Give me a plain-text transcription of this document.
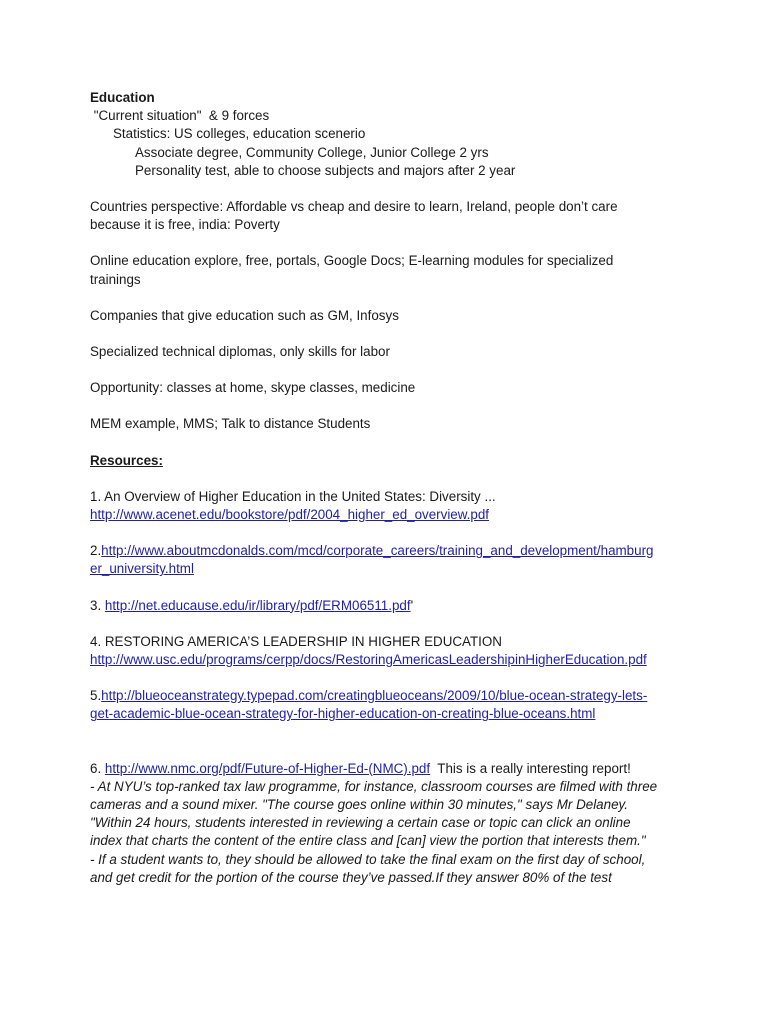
Education
"Current situation"  & 9 forces
Statistics: US colleges, education scenerio
Associate degree, Community College, Junior College 2 yrs
Personality test, able to choose subjects and majors after 2 year
Countries perspective: Affordable vs cheap and desire to learn, Ireland, people don’t care
because it is free, india: Poverty
Online education explore, free, portals, Google Docs; E-learning modules for specialized
trainings
Companies that give education such as GM, Infosys
Specialized technical diplomas, only skills for labor
Opportunity: classes at home, skype classes, medicine
MEM example, MMS; Talk to distance Students
Resources:
1. An Overview of Higher Education in the United States: Diversity ...
http://www.acenet.edu/bookstore/pdf/2004_higher_ed_overview.pdf
2.http://www.aboutmcdonalds.com/mcd/corporate_careers/training_and_development/hamburg
er_university.html
3. http://net.educause.edu/ir/library/pdf/ERM06511.pdf'
4. RESTORING AMERICA’S LEADERSHIP IN HIGHER EDUCATION
http://www.usc.edu/programs/cerpp/docs/RestoringAmericasLeadershipinHigherEducation.pdf
5.http://blueoceanstrategy.typepad.com/creatingblueoceans/2009/10/blue-ocean-strategy-lets-
get-academic-blue-ocean-strategy-for-higher-education-on-creating-blue-oceans.html
6. http://www.nmc.org/pdf/Future-of-Higher-Ed-(NMC).pdf  This is a really interesting report!
- At NYU’s top-ranked tax law programme, for instance, classroom courses are filmed with three
cameras and a sound mixer. "The course goes online within 30 minutes," says Mr Delaney.
"Within 24 hours, students interested in reviewing a certain case or topic can click an online
index that charts the content of the entire class and [can] view the portion that interests them."
- If a student wants to, they should be allowed to take the final exam on the first day of school,
and get credit for the portion of the course they’ve passed.If they answer 80% of the test
